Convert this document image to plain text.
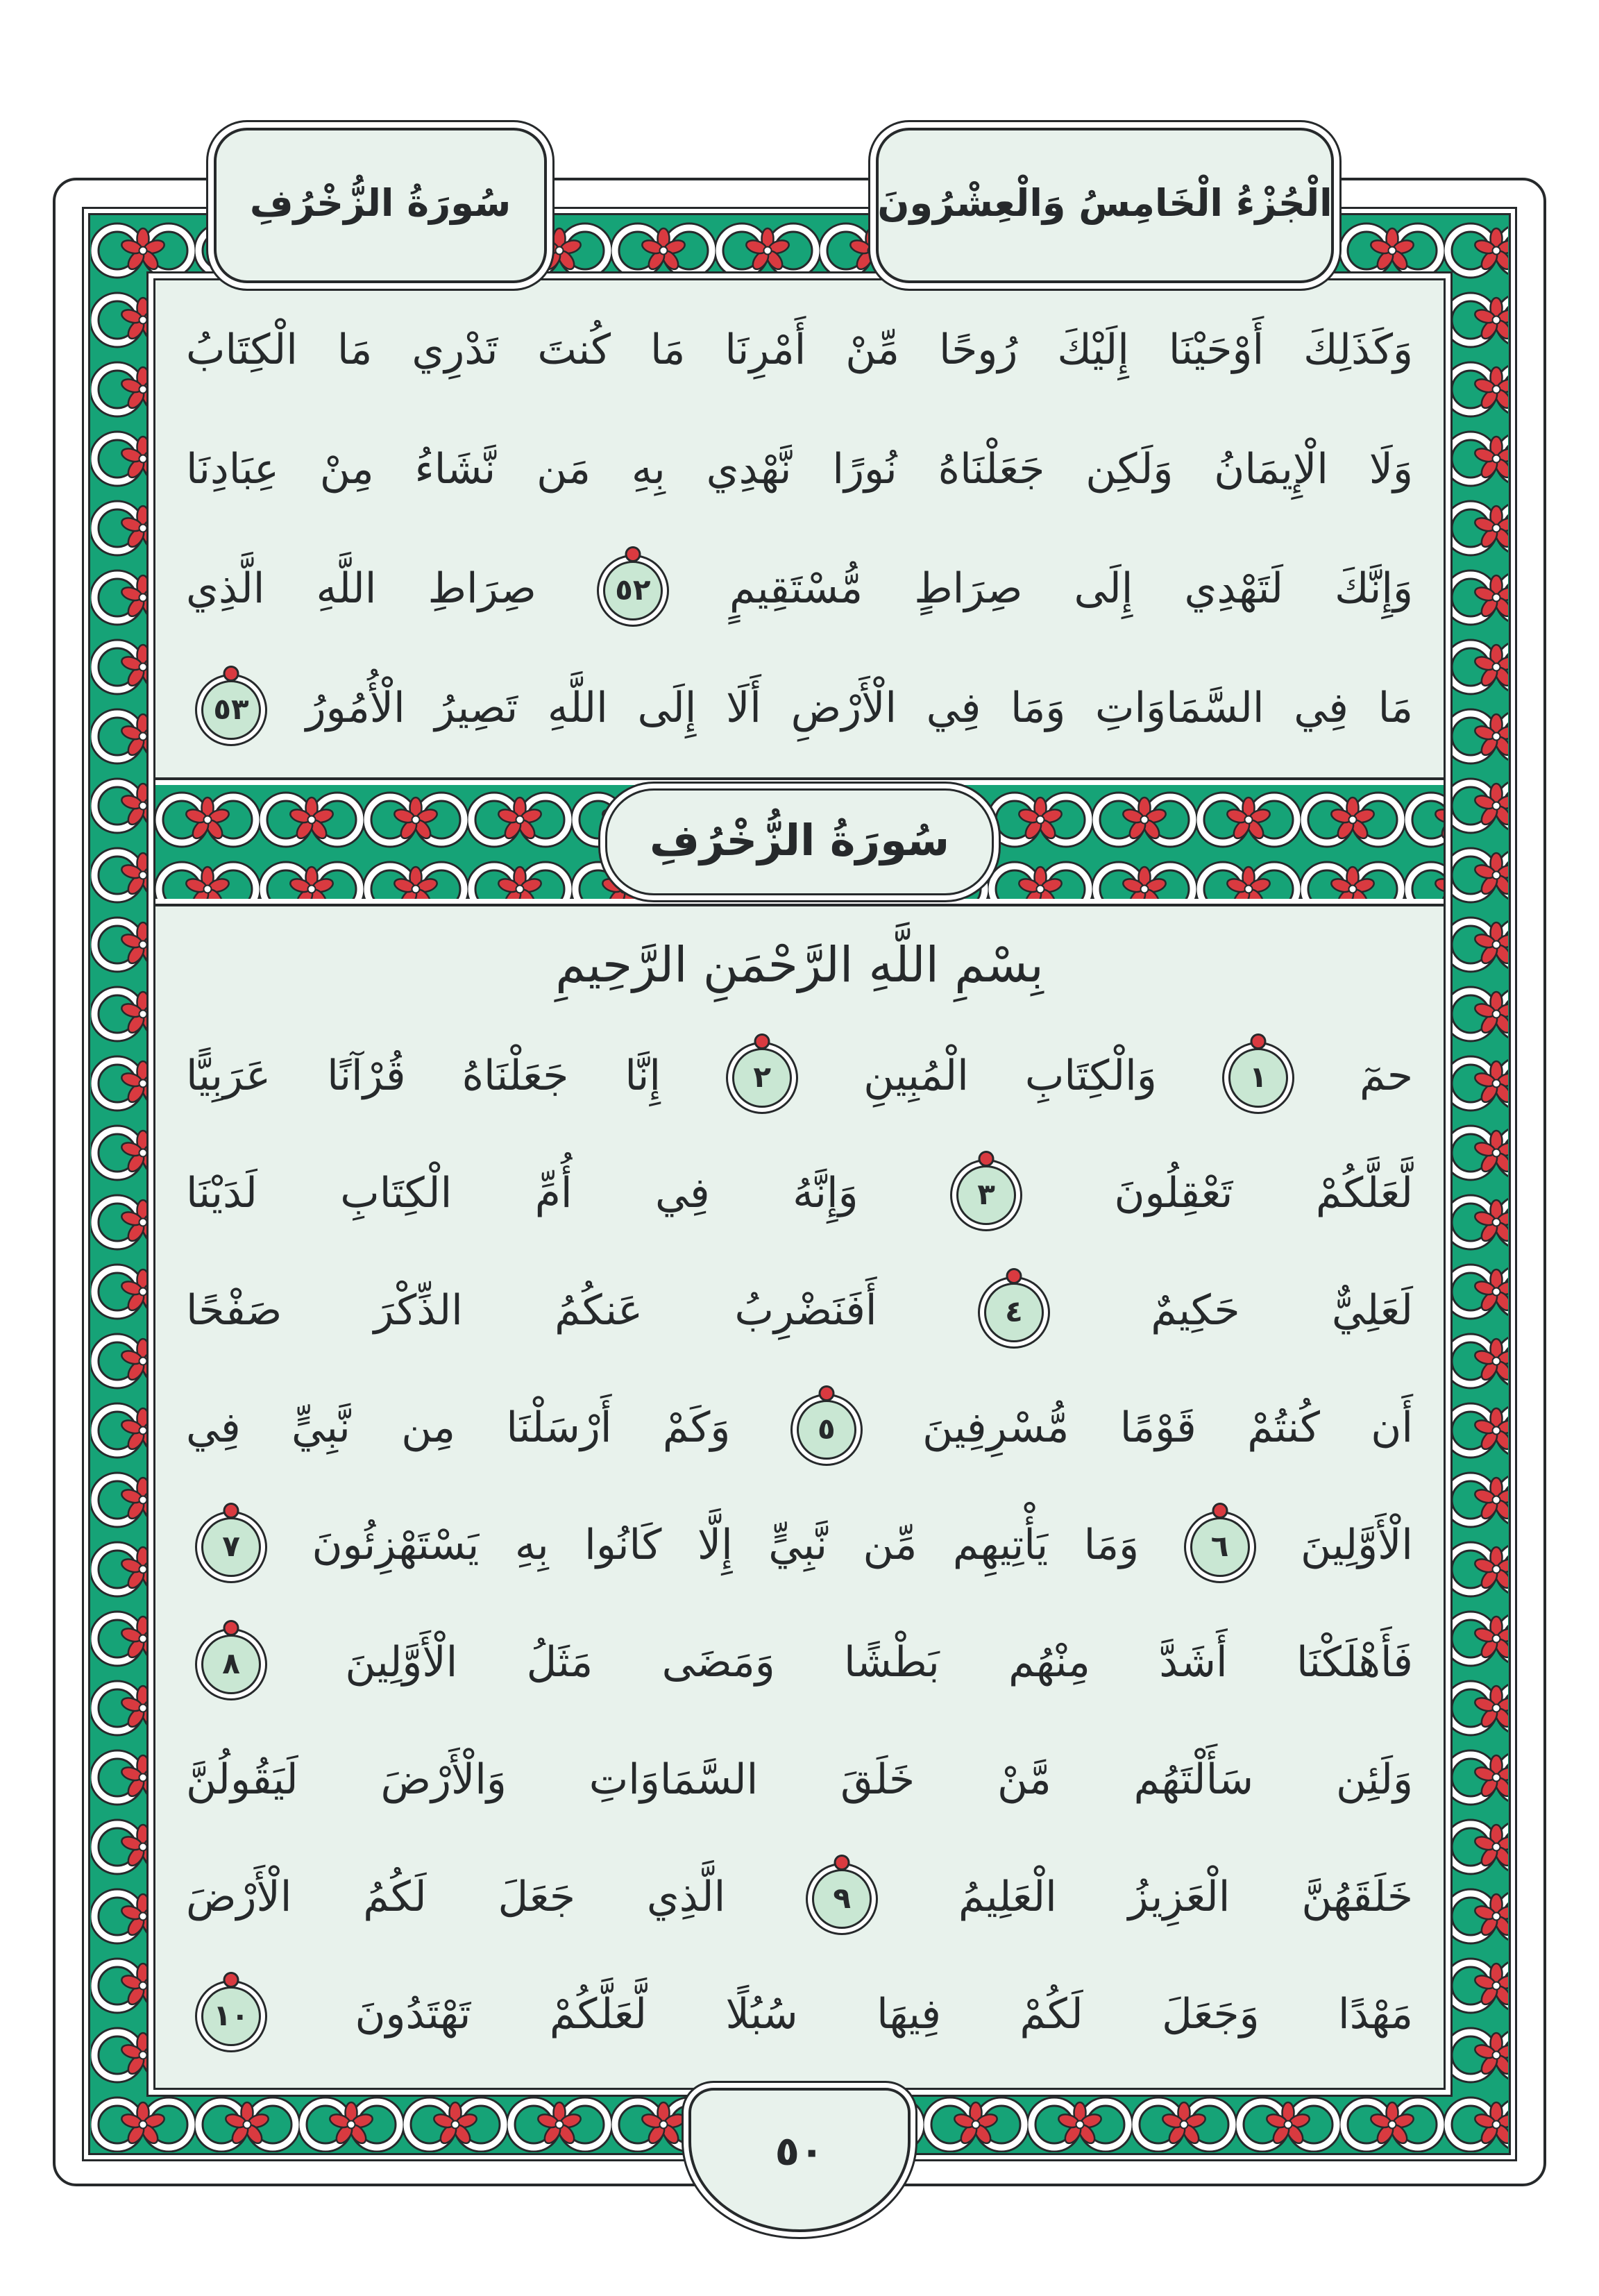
سُورَةُ الزُّخْرُفِ	الْجُزْءُ الْخَامِسُ وَالْعِشْرُونَ
وَكَذَلِكَ أَوْحَيْنَا إِلَيْكَ رُوحًا مِّنْ أَمْرِنَا مَا كُنتَ تَدْرِي مَا الْكِتَابُ
وَلَا الْإِيمَانُ وَلَكِن جَعَلْنَاهُ نُورًا نَّهْدِي بِهِ مَن نَّشَاءُ مِنْ عِبَادِنَا
وَإِنَّكَ لَتَهْدِي إِلَى صِرَاطٍ مُّسْتَقِيمٍ
٥٢
صِرَاطِ اللَّهِ الَّذِي
مَا فِي السَّمَاوَاتِ وَمَا فِي الْأَرْضِ أَلَا إِلَى اللَّهِ تَصِيرُ الْأُمُورُ
٥٣
سُورَةُ الزُّخْرُفِ
بِسْمِ اللَّهِ الرَّحْمَنِ الرَّحِيمِ
حمٓ
١
وَالْكِتَابِ الْمُبِينِ
٢
إِنَّا جَعَلْنَاهُ قُرْآنًا عَرَبِيًّا
لَّعَلَّكُمْ تَعْقِلُونَ
٣
وَإِنَّهُ فِي أُمِّ الْكِتَابِ لَدَيْنَا
لَعَلِيٌّ حَكِيمٌ
٤
أَفَنَضْرِبُ عَنكُمُ الذِّكْرَ صَفْحًا
أَن كُنتُمْ قَوْمًا مُّسْرِفِينَ
٥
وَكَمْ أَرْسَلْنَا مِن نَّبِيٍّ فِي
الْأَوَّلِينَ
٦
وَمَا يَأْتِيهِم مِّن نَّبِيٍّ إِلَّا كَانُوا بِهِ يَسْتَهْزِئُونَ
٧
فَأَهْلَكْنَا أَشَدَّ مِنْهُم بَطْشًا وَمَضَى مَثَلُ الْأَوَّلِينَ
٨
وَلَئِن سَأَلْتَهُم مَّنْ خَلَقَ السَّمَاوَاتِ وَالْأَرْضَ لَيَقُولُنَّ
خَلَقَهُنَّ الْعَزِيزُ الْعَلِيمُ
٩
الَّذِي جَعَلَ لَكُمُ الْأَرْضَ
مَهْدًا وَجَعَلَ لَكُمْ فِيهَا سُبُلًا لَّعَلَّكُمْ تَهْتَدُونَ
١٠
٥٠
